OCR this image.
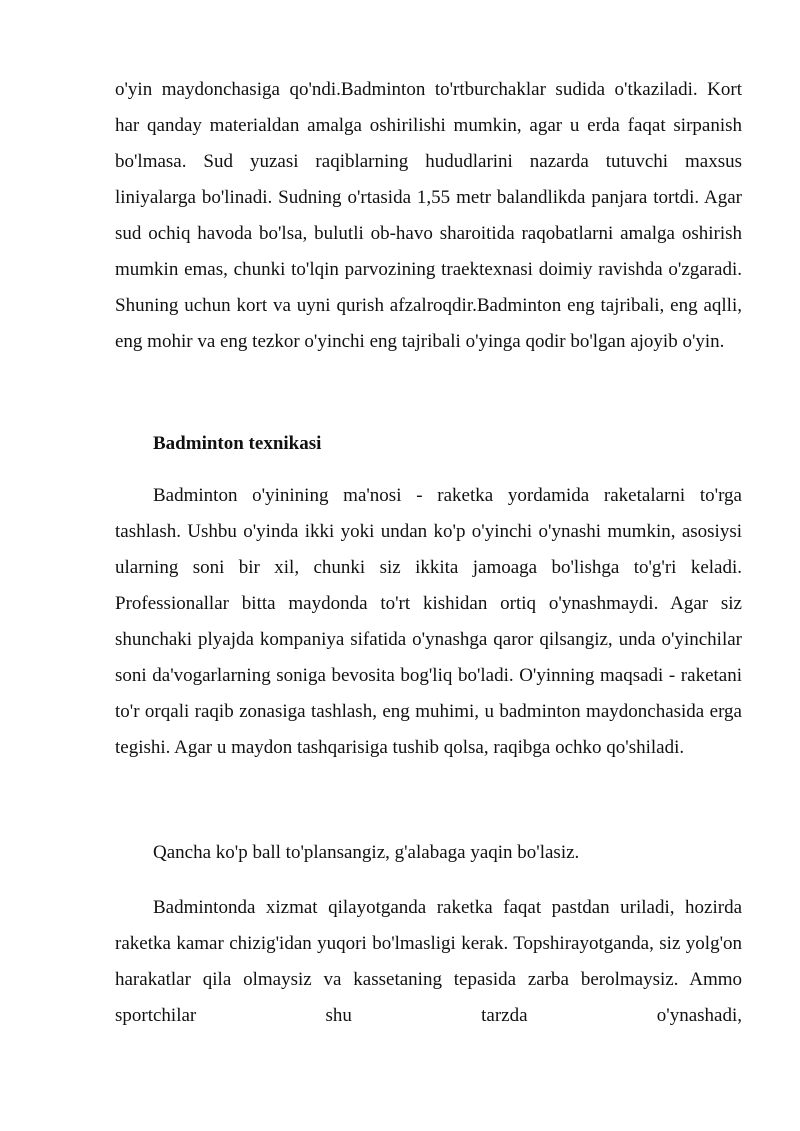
o'yin maydonchasiga qo'ndi.Badminton to'rtburchaklar sudida o'tkaziladi. Kort har qanday materialdan amalga oshirilishi mumkin, agar u erda faqat sirpanish bo'lmasa. Sud yuzasi raqiblarning hududlarini nazarda tutuvchi maxsus liniyalarga bo'linadi. Sudning o'rtasida 1,55 metr balandlikda panjara tortdi. Agar sud ochiq havoda bo'lsa, bulutli ob-havo sharoitida raqobatlarni amalga oshirish mumkin emas, chunki to'lqin parvozining traektexnasi doimiy ravishda o'zgaradi. Shuning uchun kort va uyni qurish afzalroqdir.Badminton eng tajribali, eng aqlli, eng mohir va eng tezkor o'yinchi eng tajribali o'yinga qodir bo'lgan ajoyib o'yin.

Badminton texnikasi

Badminton o'yinining ma'nosi - raketka yordamida raketalarni to'rga tashlash. Ushbu o'yinda ikki yoki undan ko'p o'yinchi o'ynashi mumkin, asosiysi ularning soni bir xil, chunki siz ikkita jamoaga bo'lishga to'g'ri keladi. Professionallar bitta maydonda to'rt kishidan ortiq o'ynashmaydi. Agar siz shunchaki plyajda kompaniya sifatida o'ynashga qaror qilsangiz, unda o'yinchilar soni da'vogarlarning soniga bevosita bog'liq bo'ladi. O'yinning maqsadi - raketani to'r orqali raqib zonasiga tashlash, eng muhimi, u badminton maydonchasida erga tegishi. Agar u maydon tashqarisiga tushib qolsa, raqibga ochko qo'shiladi.

Qancha ko'p ball to'plansangiz, g'alabaga yaqin bo'lasiz.

Badmintonda xizmat qilayotganda raketka faqat pastdan uriladi, hozirda raketka kamar chizig'idan yuqori bo'lmasligi kerak. Topshirayotganda, siz yolg'on harakatlar qila olmaysiz va kassetaning tepasida zarba berolmaysiz. Ammo sportchilar shu tarzda o'ynashadi,
